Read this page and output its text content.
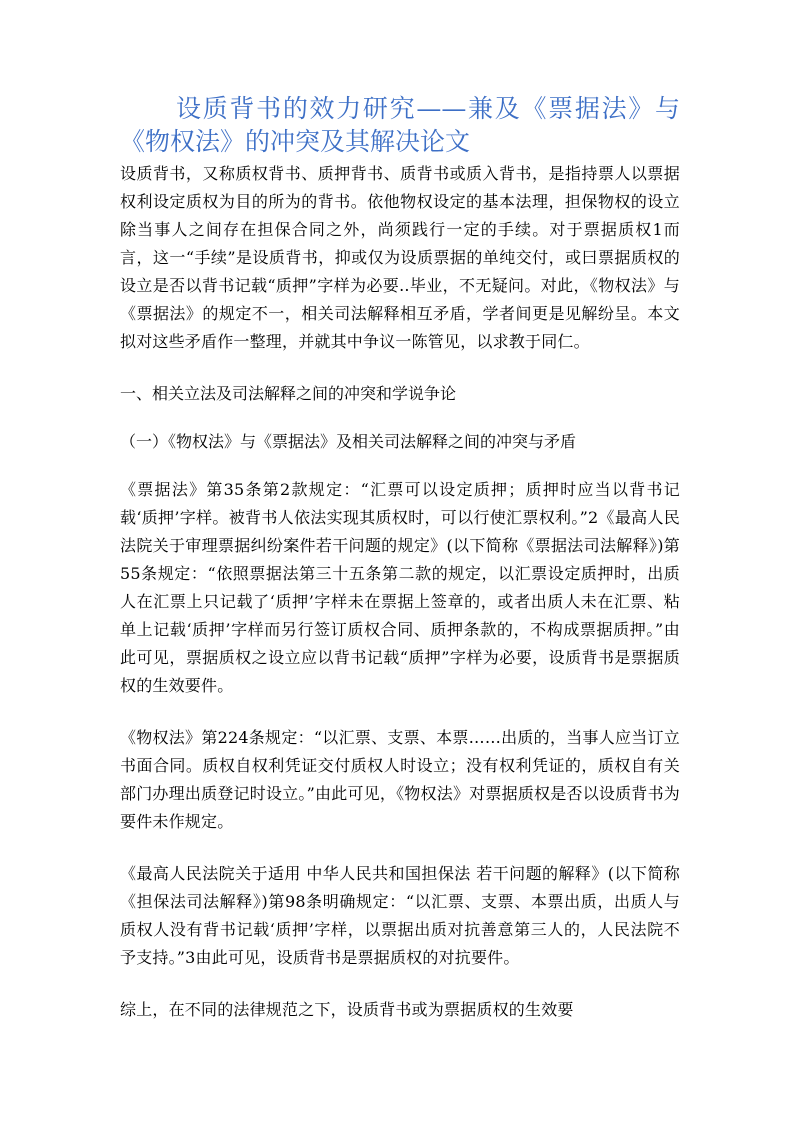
设质背书的效力研究——兼及《票据法》与《物权法》的冲突及其解决论文

设质背书，又称质权背书、质押背书、质背书或质入背书，是指持票人以票据权利设定质权为目的所为的背书。依他物权设定的基本法理，担保物权的设立除当事人之间存在担保合同之外，尚须践行一定的手续。对于票据质权1而言，这一“手续”是设质背书，抑或仅为设质票据的单纯交付，或曰票据质权的设立是否以背书记载“质押”字样为必要..毕业，不无疑问。对此，《物权法》与《票据法》的规定不一，相关司法解释相互矛盾，学者间更是见解纷呈。本文拟对这些矛盾作一整理，并就其中争议一陈管见，以求教于同仁。

一、相关立法及司法解释之间的冲突和学说争论

（一）《物权法》与《票据法》及相关司法解释之间的冲突与矛盾

《票据法》第35条第2款规定：“汇票可以设定质押；质押时应当以背书记载‘质押’字样。被背书人依法实现其质权时，可以行使汇票权利。”2《最高人民法院关于审理票据纠纷案件若干问题的规定》(以下简称《票据法司法解释》)第55条规定：“依照票据法第三十五条第二款的规定，以汇票设定质押时，出质人在汇票上只记载了‘质押’字样未在票据上签章的，或者出质人未在汇票、粘单上记载‘质押’字样而另行签订质权合同、质押条款的，不构成票据质押。”由此可见，票据质权之设立应以背书记载“质押”字样为必要，设质背书是票据质权的生效要件。

《物权法》第224条规定：“以汇票、支票、本票……出质的，当事人应当订立书面合同。质权自权利凭证交付质权人时设立；没有权利凭证的，质权自有关部门办理出质登记时设立。”由此可见，《物权法》对票据质权是否以设质背书为要件未作规定。

《最高人民法院关于适用 中华人民共和国担保法 若干问题的解释》(以下简称《担保法司法解释》)第98条明确规定：“以汇票、支票、本票出质，出质人与质权人没有背书记载‘质押’字样，以票据出质对抗善意第三人的，人民法院不予支持。”3由此可见，设质背书是票据质权的对抗要件。

综上，在不同的法律规范之下，设质背书或为票据质权的生效要
